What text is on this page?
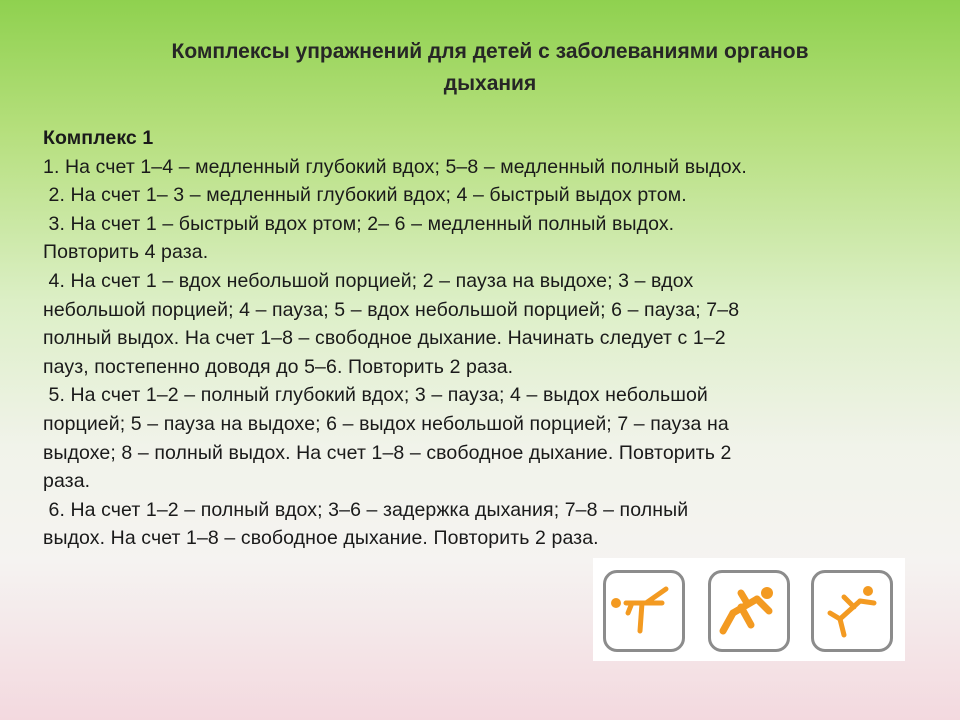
Комплексы упражнений для детей с заболеваниями органов
дыхания
Комплекс 1
1. На счет 1–4 – медленный глубокий вдох; 5–8 – медленный полный выдох.
2. На счет 1– 3 – медленный глубокий вдох; 4 – быстрый выдох ртом.
3. На счет 1 – быстрый вдох ртом; 2– 6 – медленный полный выдох.
Повторить 4 раза.
4. На счет 1 – вдох небольшой порцией; 2 – пауза на выдохе; 3 – вдох
небольшой порцией; 4 – пауза; 5 – вдох небольшой порцией; 6 – пауза; 7–8
полный выдох. На счет 1–8 – свободное дыхание. Начинать следует с 1–2
пауз, постепенно доводя до 5–6. Повторить 2 раза.
5. На счет 1–2 – полный глубокий вдох; 3 – пауза; 4 – выдох небольшой
порцией; 5 – пауза на выдохе; 6 – выдох небольшой порцией; 7 – пауза на
выдохе; 8 – полный выдох. На счет 1–8 – свободное дыхание. Повторить 2
раза.
6. На счет 1–2 – полный вдох; 3–6 – задержка дыхания; 7–8 – полный
выдох. На счет 1–8 – свободное дыхание. Повторить 2 раза.
